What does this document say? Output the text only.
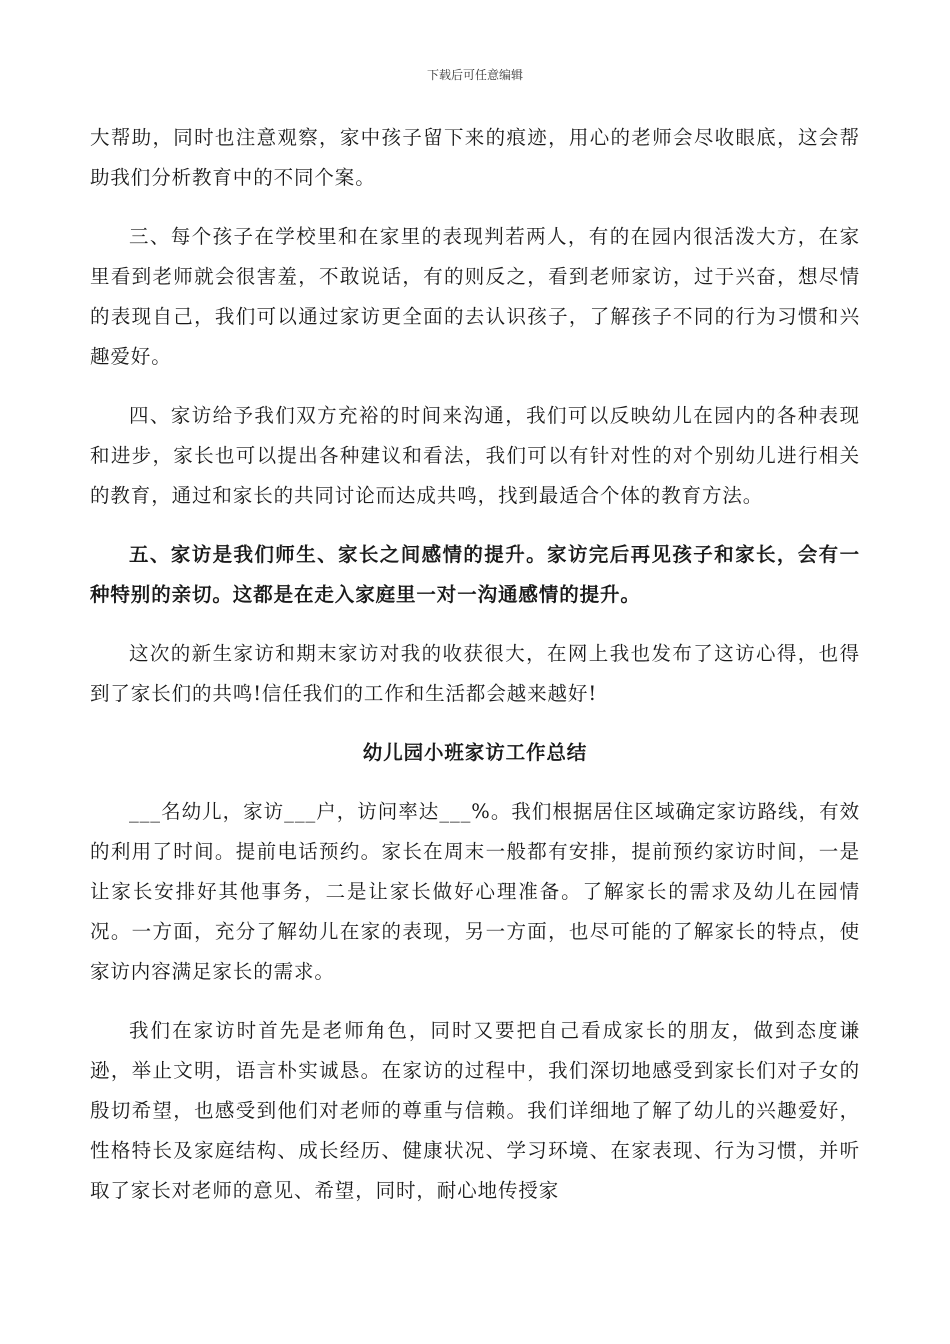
下载后可任意编辑

大帮助，同时也注意观察，家中孩子留下来的痕迹，用心的老师会尽收眼底，这会帮助我们分析教育中的不同个案。

三、每个孩子在学校里和在家里的表现判若两人，有的在园内很活泼大方，在家里看到老师就会很害羞，不敢说话，有的则反之，看到老师家访，过于兴奋，想尽情的表现自己，我们可以通过家访更全面的去认识孩子，了解孩子不同的行为习惯和兴趣爱好。

四、家访给予我们双方充裕的时间来沟通，我们可以反映幼儿在园内的各种表现和进步，家长也可以提出各种建议和看法，我们可以有针对性的对个别幼儿进行相关的教育，通过和家长的共同讨论而达成共鸣，找到最适合个体的教育方法。

五、家访是我们师生、家长之间感情的提升。家访完后再见孩子和家长，会有一种特别的亲切。这都是在走入家庭里一对一沟通感情的提升。

这次的新生家访和期末家访对我的收获很大，在网上我也发布了这访心得，也得到了家长们的共鸣!信任我们的工作和生活都会越来越好!

幼儿园小班家访工作总结

___名幼儿，家访___户，访问率达___%。我们根据居住区域确定家访路线，有效的利用了时间。提前电话预约。家长在周末一般都有安排，提前预约家访时间，一是让家长安排好其他事务，二是让家长做好心理准备。了解家长的需求及幼儿在园情况。一方面，充分了解幼儿在家的表现，另一方面，也尽可能的了解家长的特点，使家访内容满足家长的需求。

我们在家访时首先是老师角色，同时又要把自己看成家长的朋友，做到态度谦逊，举止文明，语言朴实诚恳。在家访的过程中，我们深切地感受到家长们对子女的殷切希望，也感受到他们对老师的尊重与信赖。我们详细地了解了幼儿的兴趣爱好，性格特长及家庭结构、成长经历、健康状况、学习环境、在家表现、行为习惯，并听取了家长对老师的意见、希望，同时，耐心地传授家
